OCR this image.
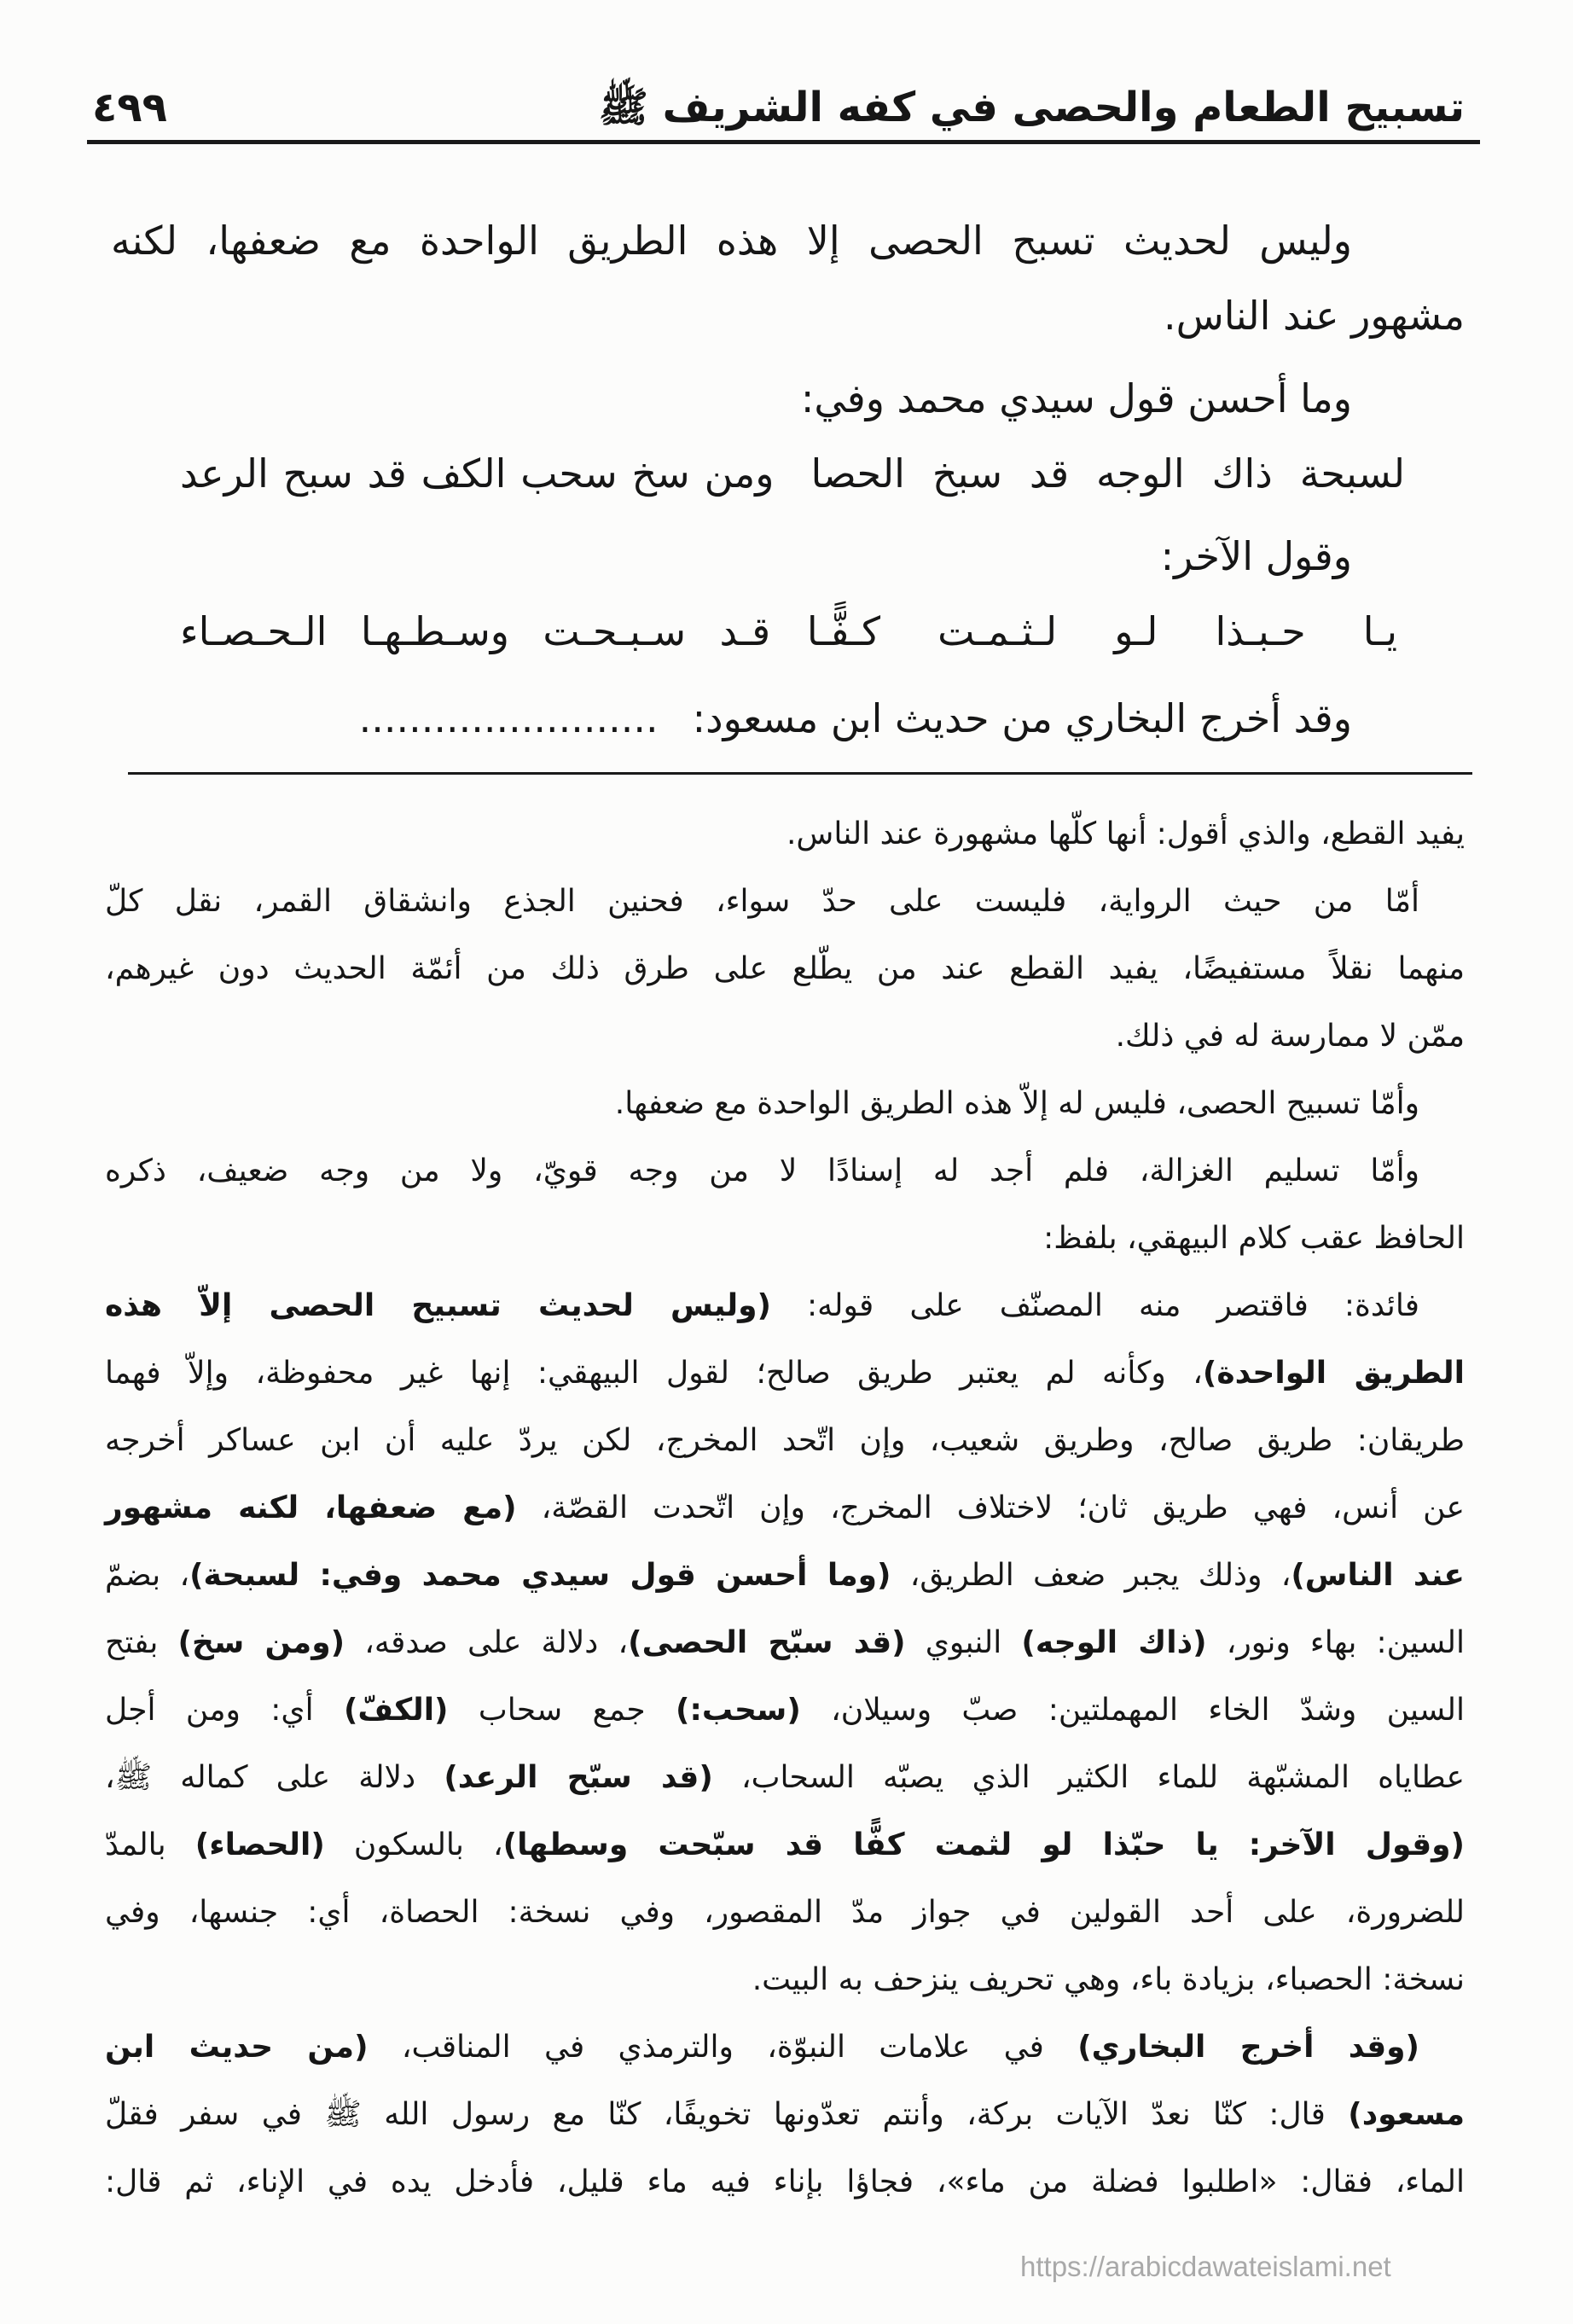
تسبيح الطعام والحصى في كفه الشريف ﷺ
٤٩٩
وليس لحديث تسبح الحصى إلا هذه الطريق الواحدة مع ضعفها، لكنه
مشهور عند الناس.
وما أحسن قول سيدي محمد وفي:
لسبحة ذاك الوجه قد سبخ الحصا
ومن سخ سحب الكف قد سبح الرعد
وقول الآخر:
يـا حـبـذا لـو لـثـمـت كـفًّـا
قـد سـبـحـت وسـطـهـا الـحـصـاء
وقد أخرج البخاري من حديث ابن مسعود:........................
يفيد القطع، والذي أقول: أنها كلّها مشهورة عند الناس.
أمّا من حيث الرواية، فليست على حدّ سواء، فحنين الجذع وانشقاق القمر، نقل كلّ
منهما نقلاً مستفيضًا، يفيد القطع عند من يطّلع على طرق ذلك من أئمّة الحديث دون غيرهم،
ممّن لا ممارسة له في ذلك.
وأمّا تسبيح الحصى، فليس له إلاّ هذه الطريق الواحدة مع ضعفها.
وأمّا تسليم الغزالة، فلم أجد له إسنادًا لا من وجه قويّ، ولا من وجه ضعيف، ذكره
الحافظ عقب كلام البيهقي، بلفظ:
فائدة: فاقتصر منه المصنّف على قوله: (وليس لحديث تسبيح الحصى إلاّ هذه
الطريق الواحدة)، وكأنه لم يعتبر طريق صالح؛ لقول البيهقي: إنها غير محفوظة، وإلاّ فهما
طريقان: طريق صالح، وطريق شعيب، وإن اتّحد المخرج، لكن يردّ عليه أن ابن عساكر أخرجه
عن أنس، فهي طريق ثان؛ لاختلاف المخرج، وإن اتّحدت القصّة، (مع ضعفها، لكنه مشهور
عند الناس)، وذلك يجبر ضعف الطريق، (وما أحسن قول سيدي محمد وفي: لسبحة)، بضمّ
السين: بهاء ونور، (ذاك الوجه) النبوي (قد سبّح الحصى)، دلالة على صدقه، (ومن سخ) بفتح
السين وشدّ الخاء المهملتين: صبّ وسيلان، (سحب:) جمع سحاب (الكفّ) أي: ومن أجل
عطاياه المشبّهة للماء الكثير الذي يصبّه السحاب، (قد سبّح الرعد) دلالة على كماله ﷺ،
(وقول الآخر: يا حبّذا لو لثمت كفًّا قد سبّحت وسطها)، بالسكون (الحصاء) بالمدّ
للضرورة، على أحد القولين في جواز مدّ المقصور، وفي نسخة: الحصاة، أي: جنسها، وفي
نسخة: الحصباء، بزيادة باء، وهي تحريف ينزحف به البيت.
(وقد أخرج البخاري) في علامات النبوّة، والترمذي في المناقب، (من حديث ابن
مسعود) قال: كنّا نعدّ الآيات بركة، وأنتم تعدّونها تخويفًا، كنّا مع رسول الله ﷺ في سفر فقلّ
الماء، فقال: «اطلبوا فضلة من ماء»، فجاؤا بإناء فيه ماء قليل، فأدخل يده في الإناء، ثم قال:
https://arabicdawateislami.net
